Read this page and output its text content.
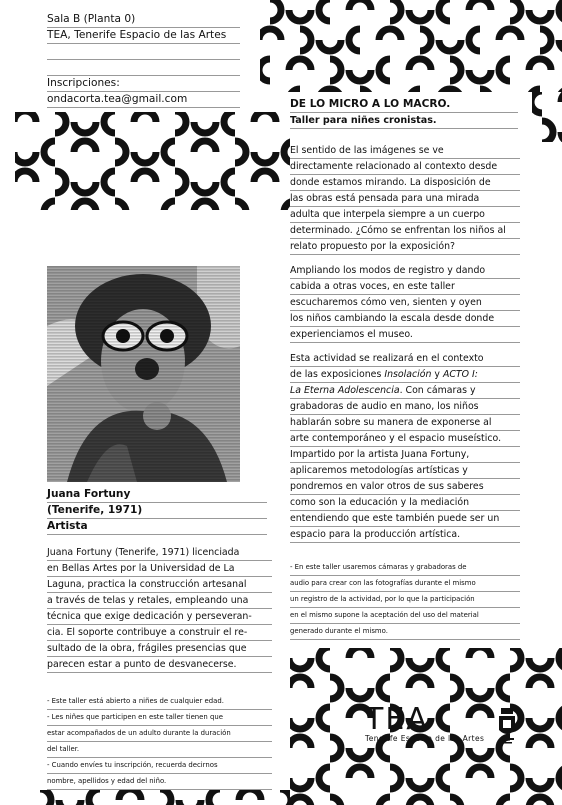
Sala B (Planta 0)
TEA, Tenerife Espacio de las Artes
Inscripciones:
ondacorta.tea@gmail.com	DE LO MICRO A LO MACRO.
Taller para niñes cronistas.
El sentido de las imágenes se ve
directamente relacionado al contexto desde
donde estamos mirando. La disposición de
las obras está pensada para una mirada
adulta que interpela siempre a un cuerpo
determinado. ¿Cómo se enfrentan los niños al
relato propuesto por la exposición?
Ampliando los modos de registro y dando
cabida a otras voces, en este taller
escucharemos cómo ven, sienten y oyen
los niños cambiando la escala desde donde
experienciamos el museo.
Esta actividad se realizará en el contexto
de las exposiciones Insolación y ACTO I:
La Eterna Adolescencia. Con cámaras y
grabadoras de audio en mano, los niños
hablarán sobre su manera de exponerse al
arte contemporáneo y el espacio museístico.
Impartido por la artista Juana Fortuny,
aplicaremos metodologías artísticas y
pondremos en valor otros de sus saberes
como son la educación y la mediación
entendiendo que este también puede ser un
espacio para la producción artística.
- En este taller usaremos cámaras y grabadoras de
audio para crear con las fotografías durante el mismo
un registro de la actividad, por lo que la participación
en el mismo supone la aceptación del uso del material
generado durante el mismo.
Juana Fortuny
(Tenerife, 1971)
Artista
Juana Fortuny (Tenerife, 1971) licenciada
en Bellas Artes por la Universidad de La
Laguna, practica la construcción artesanal
a través de telas y retales, empleando una
técnica que exige dedicación y perseveran-
cia. El soporte contribuye a construir el re-
sultado de la obra, frágiles presencias que
parecen estar a punto de desvanecerse.
- Este taller está abierto a niñes de cualquier edad.
- Les niñes que participen en este taller tienen que
estar acompañados de un adulto durante la duración
del taller.
- Cuando envíes tu inscripción, recuerda decirnos
nombre, apellidos y edad del niño.
TEA
Tenerife Espacio de las Artes
